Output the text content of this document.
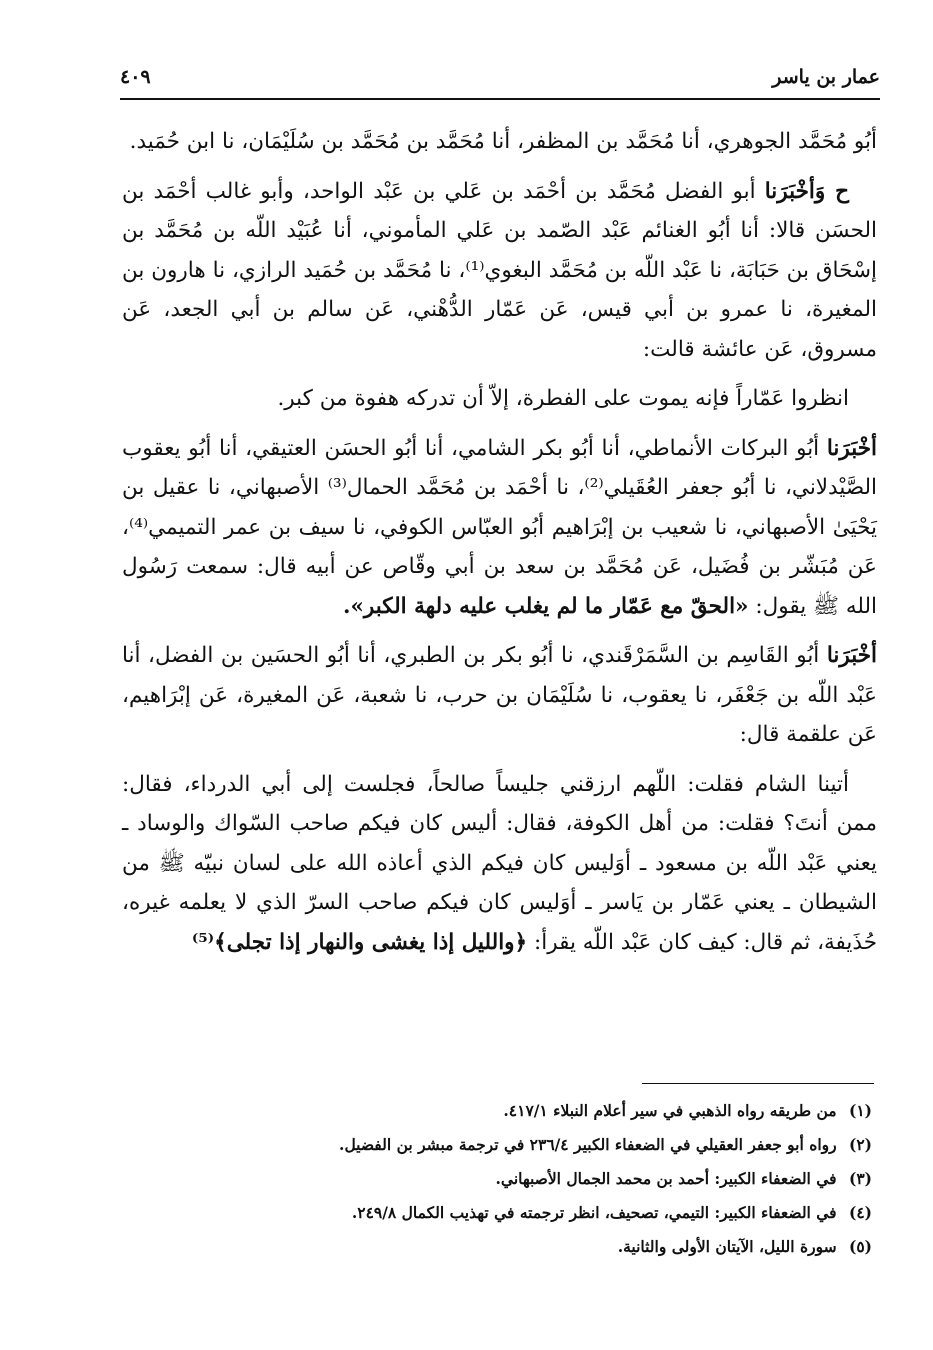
عمار بن ياسر
٤٠٩

أبُو مُحَمَّد الجوهري، أنا مُحَمَّد بن المظفر، أنا مُحَمَّد بن مُحَمَّد بن سُلَيْمَان، نا ابن حُمَيد.

ح وَأخْبَرَنا أبو الفضل مُحَمَّد بن أحْمَد بن عَلي بن عَبْد الواحد، وأبو غالب أحْمَد بن الحسَن قالا: أنا أبُو الغنائم عَبْد الصّمد بن عَلي المأموني، أنا عُبَيْد اللّه بن مُحَمَّد بن إسْحَاق بن حَبَابَة، نا عَبْد اللّه بن مُحَمَّد البغوي⁽¹⁾، نا مُحَمَّد بن حُمَيد الرازي، نا هارون بن المغيرة، نا عمرو بن أبي قيس، عَن عَمّار الدُّهْني، عَن سالم بن أبي الجعد، عَن مسروق، عَن عائشة قالت:

انظروا عَمّاراً فإنه يموت على الفطرة، إلاّ أن تدركه هفوة من كبر.

أخْبَرَنا أبُو البركات الأنماطي، أنا أبُو بكر الشامي، أنا أبُو الحسَن العتيقي، أنا أبُو يعقوب الصَّيْدلاني، نا أبُو جعفر العُقَيلي⁽²⁾، نا أحْمَد بن مُحَمَّد الحمال⁽³⁾ الأصبهاني، نا عقيل بن يَحْيَىٰ الأصبهاني، نا شعيب بن إبْرَاهيم أبُو العبّاس الكوفي، نا سيف بن عمر التميمي⁽⁴⁾، عَن مُبَشّر بن فُضَيل، عَن مُحَمَّد بن سعد بن أبي وقّاص عن أبيه قال: سمعت رَسُول الله ﷺ يقول: «الحقّ مع عَمّار ما لم يغلب عليه دلهة الكبر».

أخْبَرَنا أبُو القَاسِم بن السَّمَرْقَندي، نا أبُو بكر بن الطبري، أنا أبُو الحسَين بن الفضل، أنا عَبْد اللّه بن جَعْفَر، نا يعقوب، نا سُلَيْمَان بن حرب، نا شعبة، عَن المغيرة، عَن إبْرَاهيم، عَن علقمة قال:

أتينا الشام فقلت: اللّهم ارزقني جليساً صالحاً، فجلست إلى أبي الدرداء، فقال: ممن أنتَ؟ فقلت: من أهل الكوفة، فقال: أليس كان فيكم صاحب السّواك والوساد ـ يعني عَبْد اللّه بن مسعود ـ أوَليس كان فيكم الذي أعاذه الله على لسان نبيّه ﷺ من الشيطان ـ يعني عَمّار بن يَاسر ـ أوَليس كان فيكم صاحب السرّ الذي لا يعلمه غيره، حُذَيفة، ثم قال: كيف كان عَبْد اللّه يقرأ: ﴿والليل إذا يغشى والنهار إذا تجلى﴾⁽⁵⁾

(١) من طريقه رواه الذهبي في سير أعلام النبلاء ٤١٧/١.
(٢) رواه أبو جعفر العقيلي في الضعفاء الكبير ٢٣٦/٤ في ترجمة مبشر بن الفضيل.
(٣) في الضعفاء الكبير: أحمد بن محمد الجمال الأصبهاني.
(٤) في الضعفاء الكبير: التيمي، تصحيف، انظر ترجمته في تهذيب الكمال ٢٤٩/٨.
(٥) سورة الليل، الآيتان الأولى والثانية.
